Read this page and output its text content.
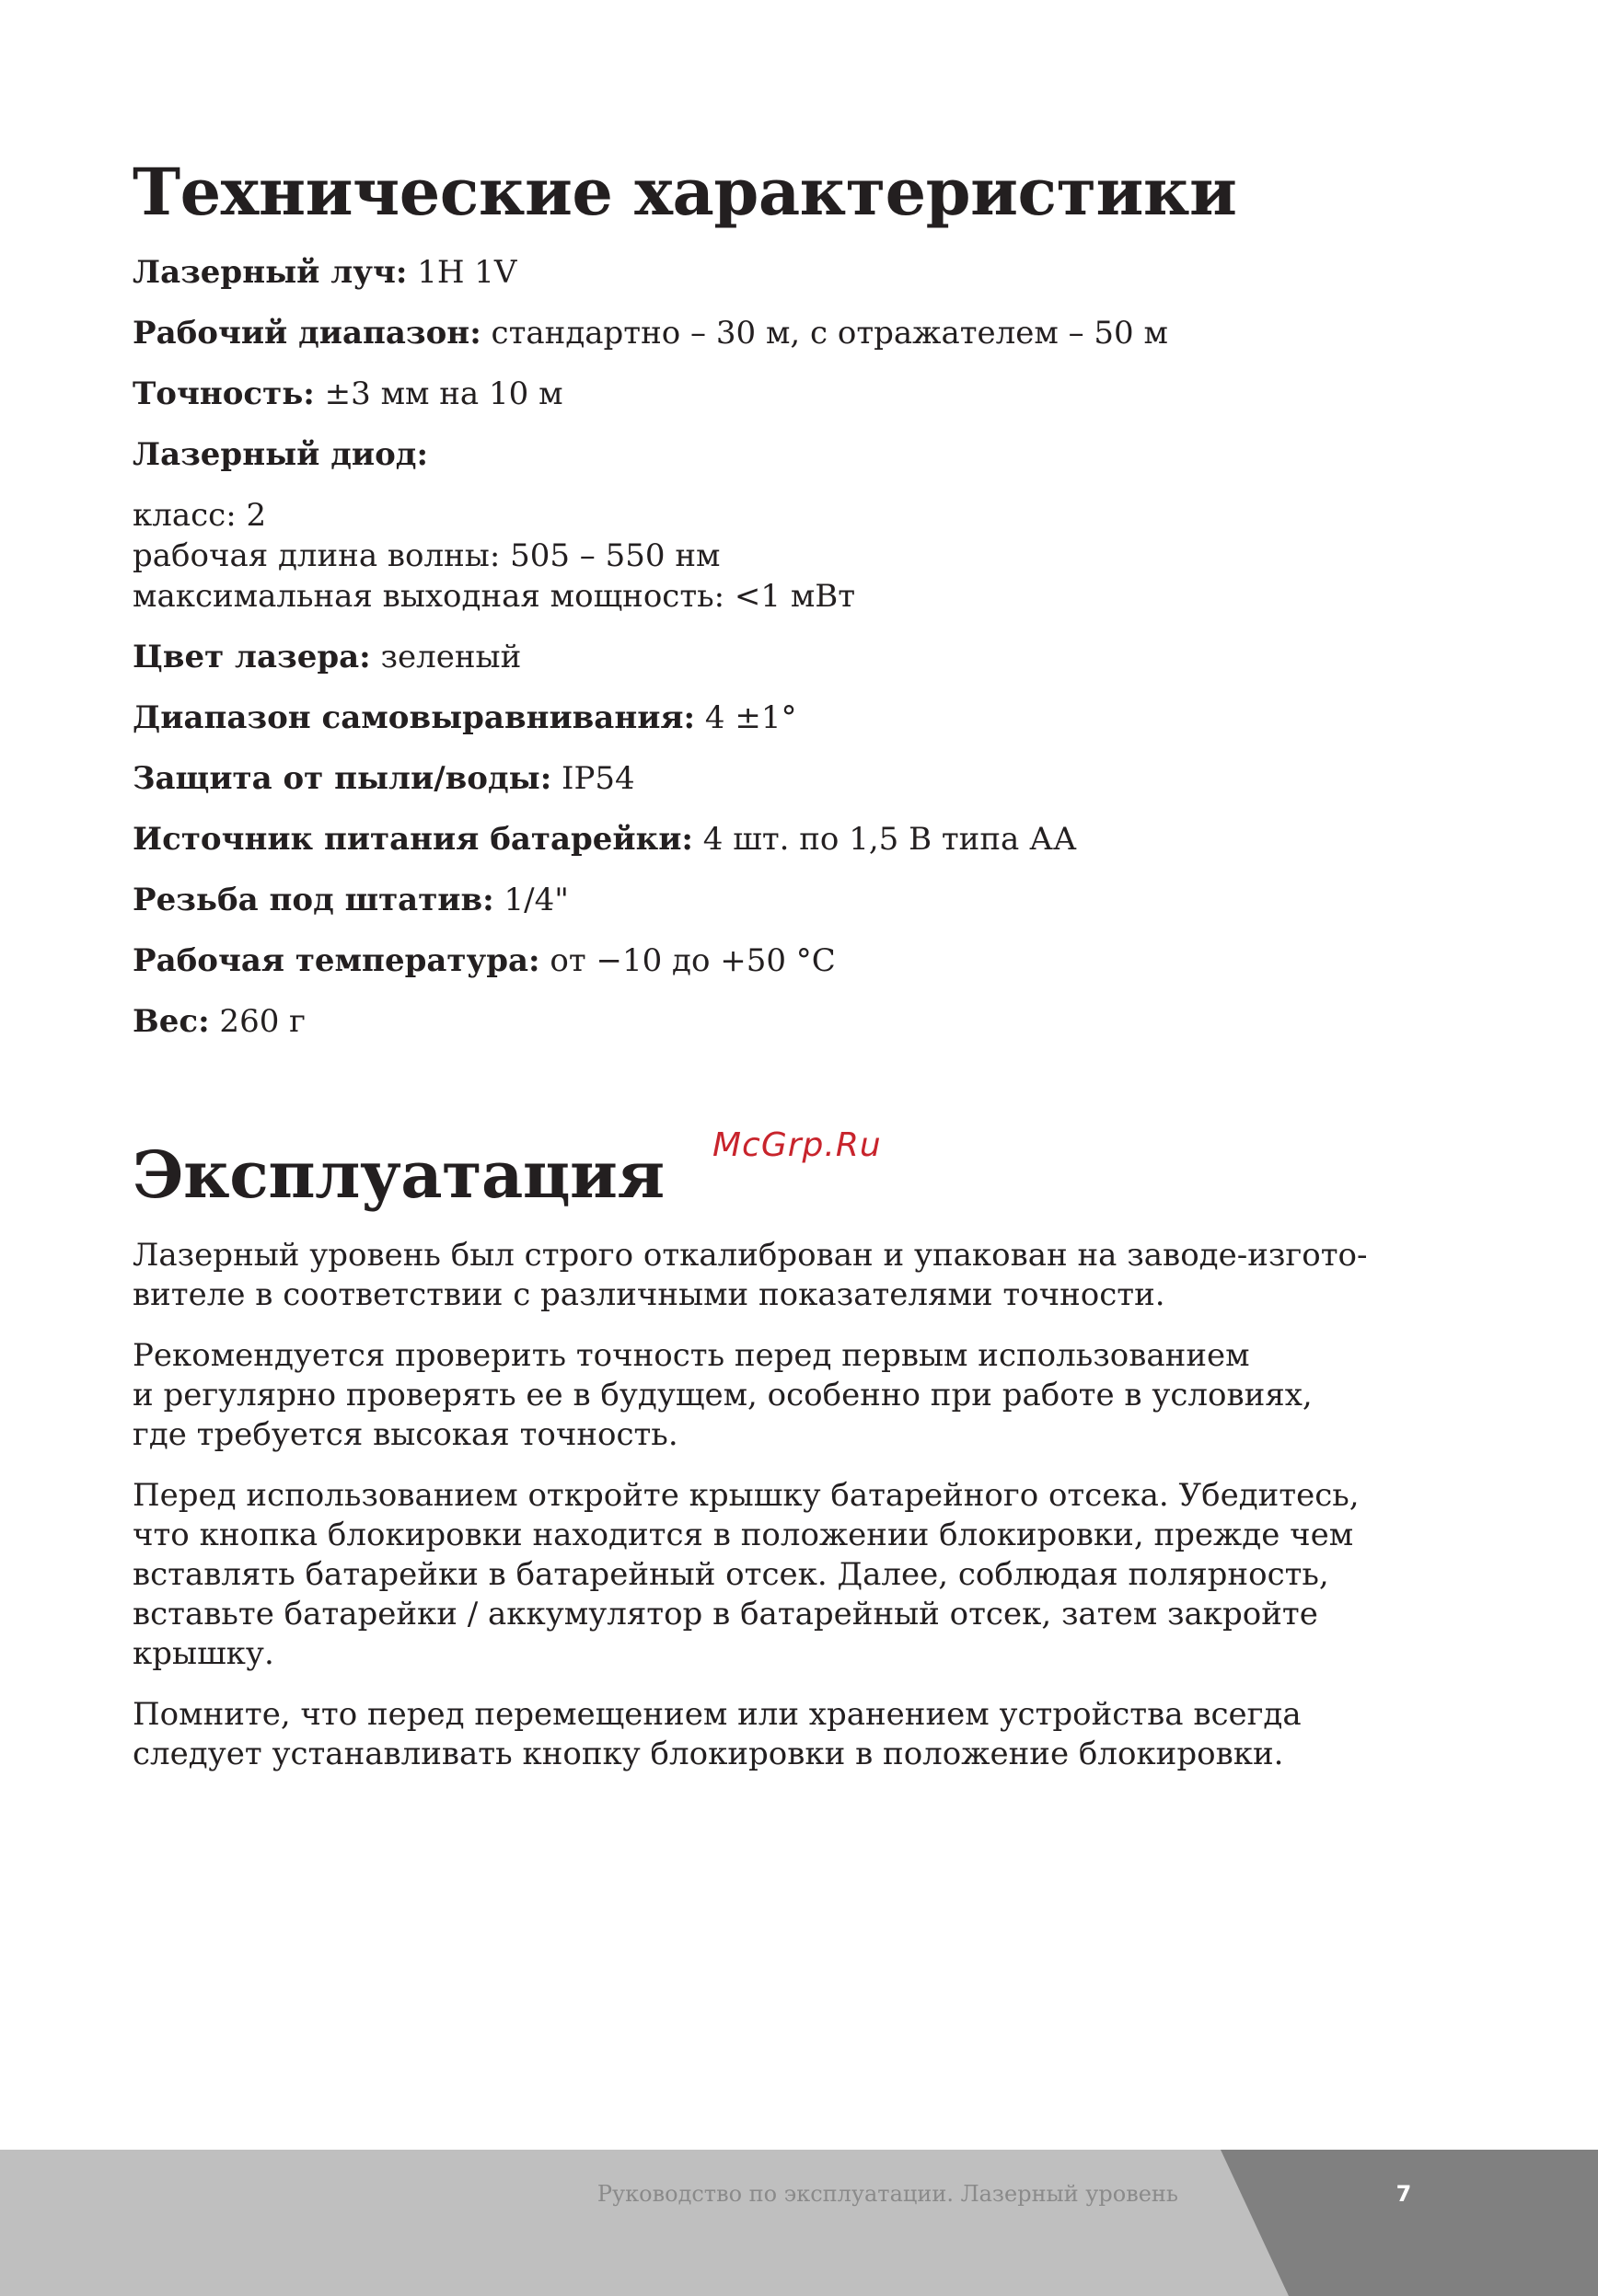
Технические характеристики
Лазерный луч: 1H 1V
Рабочий диапазон: стандартно – 30 м, с отражателем – 50 м
Точность: ±3 мм на 10 м
Лазерный диод:
класс: 2
рабочая длина волны: 505 – 550 нм
максимальная выходная мощность: <1 мВт
Цвет лазера: зеленый
Диапазон самовыравнивания: 4 ±1°
Защита от пыли/воды: IP54
Источник питания батарейки: 4 шт. по 1,5 В типа АА
Резьба под штатив: 1/4"
Рабочая температура: от −10 до +50 °С
Вес: 260 г
Эксплуатация
Лазерный уровень был строго откалиброван и упакован на заводе-изгото-
вителе в соответствии с различными показателями точности.
Рекомендуется проверить точность перед первым использованием
и регулярно проверять ее в будущем, особенно при работе в условиях,
где требуется высокая точность.
Перед использованием откройте крышку батарейного отсека. Убедитесь,
что кнопка блокировки находится в положении блокировки, прежде чем
вставлять батарейки в батарейный отсек. Далее, соблюдая полярность,
вставьте батарейки / аккумулятор в батарейный отсек, затем закройте
крышку.
Помните, что перед перемещением или хранением устройства всегда
следует устанавливать кнопку блокировки в положение блокировки.
McGrp.Ru
Руководство по эксплуатации. Лазерный уровень	7
